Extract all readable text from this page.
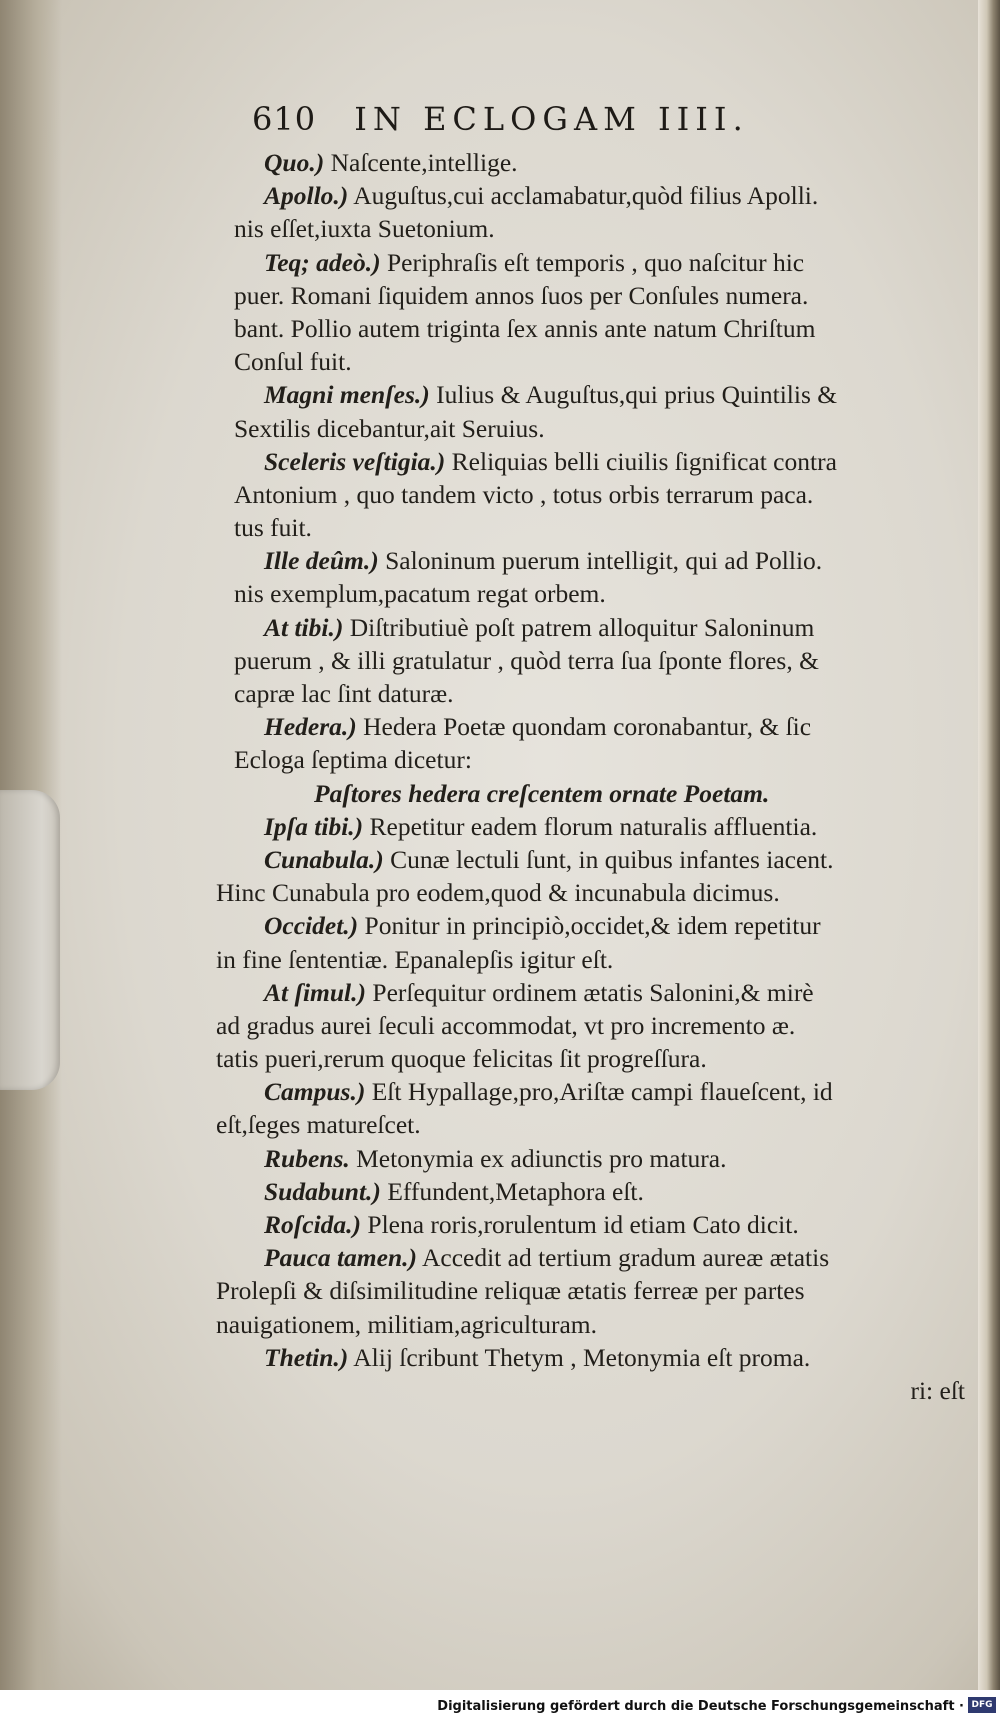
610 IN ECLOGAM IIII.
Quo.) Naſcente,intellige.
Apollo.) Auguſtus,cui acclamabatur,quòd filius Apolli.
nis eſſet,iuxta Suetonium.
Teq; adeò.) Periphraſis eſt temporis , quo naſcitur hic
puer. Romani ſiquidem annos ſuos per Conſules numera.
bant. Pollio autem triginta ſex annis ante natum Chriſtum
Conſul fuit.
Magni menſes.) Iulius & Auguſtus,qui prius Quintilis &
Sextilis dicebantur,ait Seruius.
Sceleris veſtigia.) Reliquias belli ciuilis ſignificat contra
Antonium , quo tandem victo , totus orbis terrarum paca.
tus fuit.
Ille deûm.) Saloninum puerum intelligit, qui ad Pollio.
nis exemplum,pacatum regat orbem.
At tibi.) Diſtributiuè poſt patrem alloquitur Saloninum
puerum , & illi gratulatur , quòd terra ſua ſponte flores, &
capræ lac ſint daturæ.
Hedera.) Hedera Poetæ quondam coronabantur, & ſic
Ecloga ſeptima dicetur:
Paſtores hedera creſcentem ornate Poetam.
Ipſa tibi.) Repetitur eadem florum naturalis affluentia.
Cunabula.) Cunæ lectuli ſunt, in quibus infantes iacent.
Hinc Cunabula pro eodem,quod & incunabula dicimus.
Occidet.) Ponitur in principiò,occidet,& idem repetitur
in fine ſententiæ. Epanalepſis igitur eſt.
At ſimul.) Perſequitur ordinem ætatis Salonini,& mirè
ad gradus aurei ſeculi accommodat, vt pro incremento æ.
tatis pueri,rerum quoque felicitas ſit progreſſura.
Campus.) Eſt Hypallage,pro,Ariſtæ campi flaueſcent, id
eſt,ſeges matureſcet.
Rubens. Metonymia ex adiunctis pro matura.
Sudabunt.) Effundent,Metaphora eſt.
Roſcida.) Plena roris,rorulentum id etiam Cato dicit.
Pauca tamen.) Accedit ad tertium gradum aureæ ætatis
Prolepſi & diſsimilitudine reliquæ ætatis ferreæ per partes
nauigationem, militiam,agriculturam.
Thetin.) Alij ſcribunt Thetym , Metonymia eſt proma.
ri: eſt
Digitalisierung gefördert durch die Deutsche Forschungsgemeinschaft · DFG
